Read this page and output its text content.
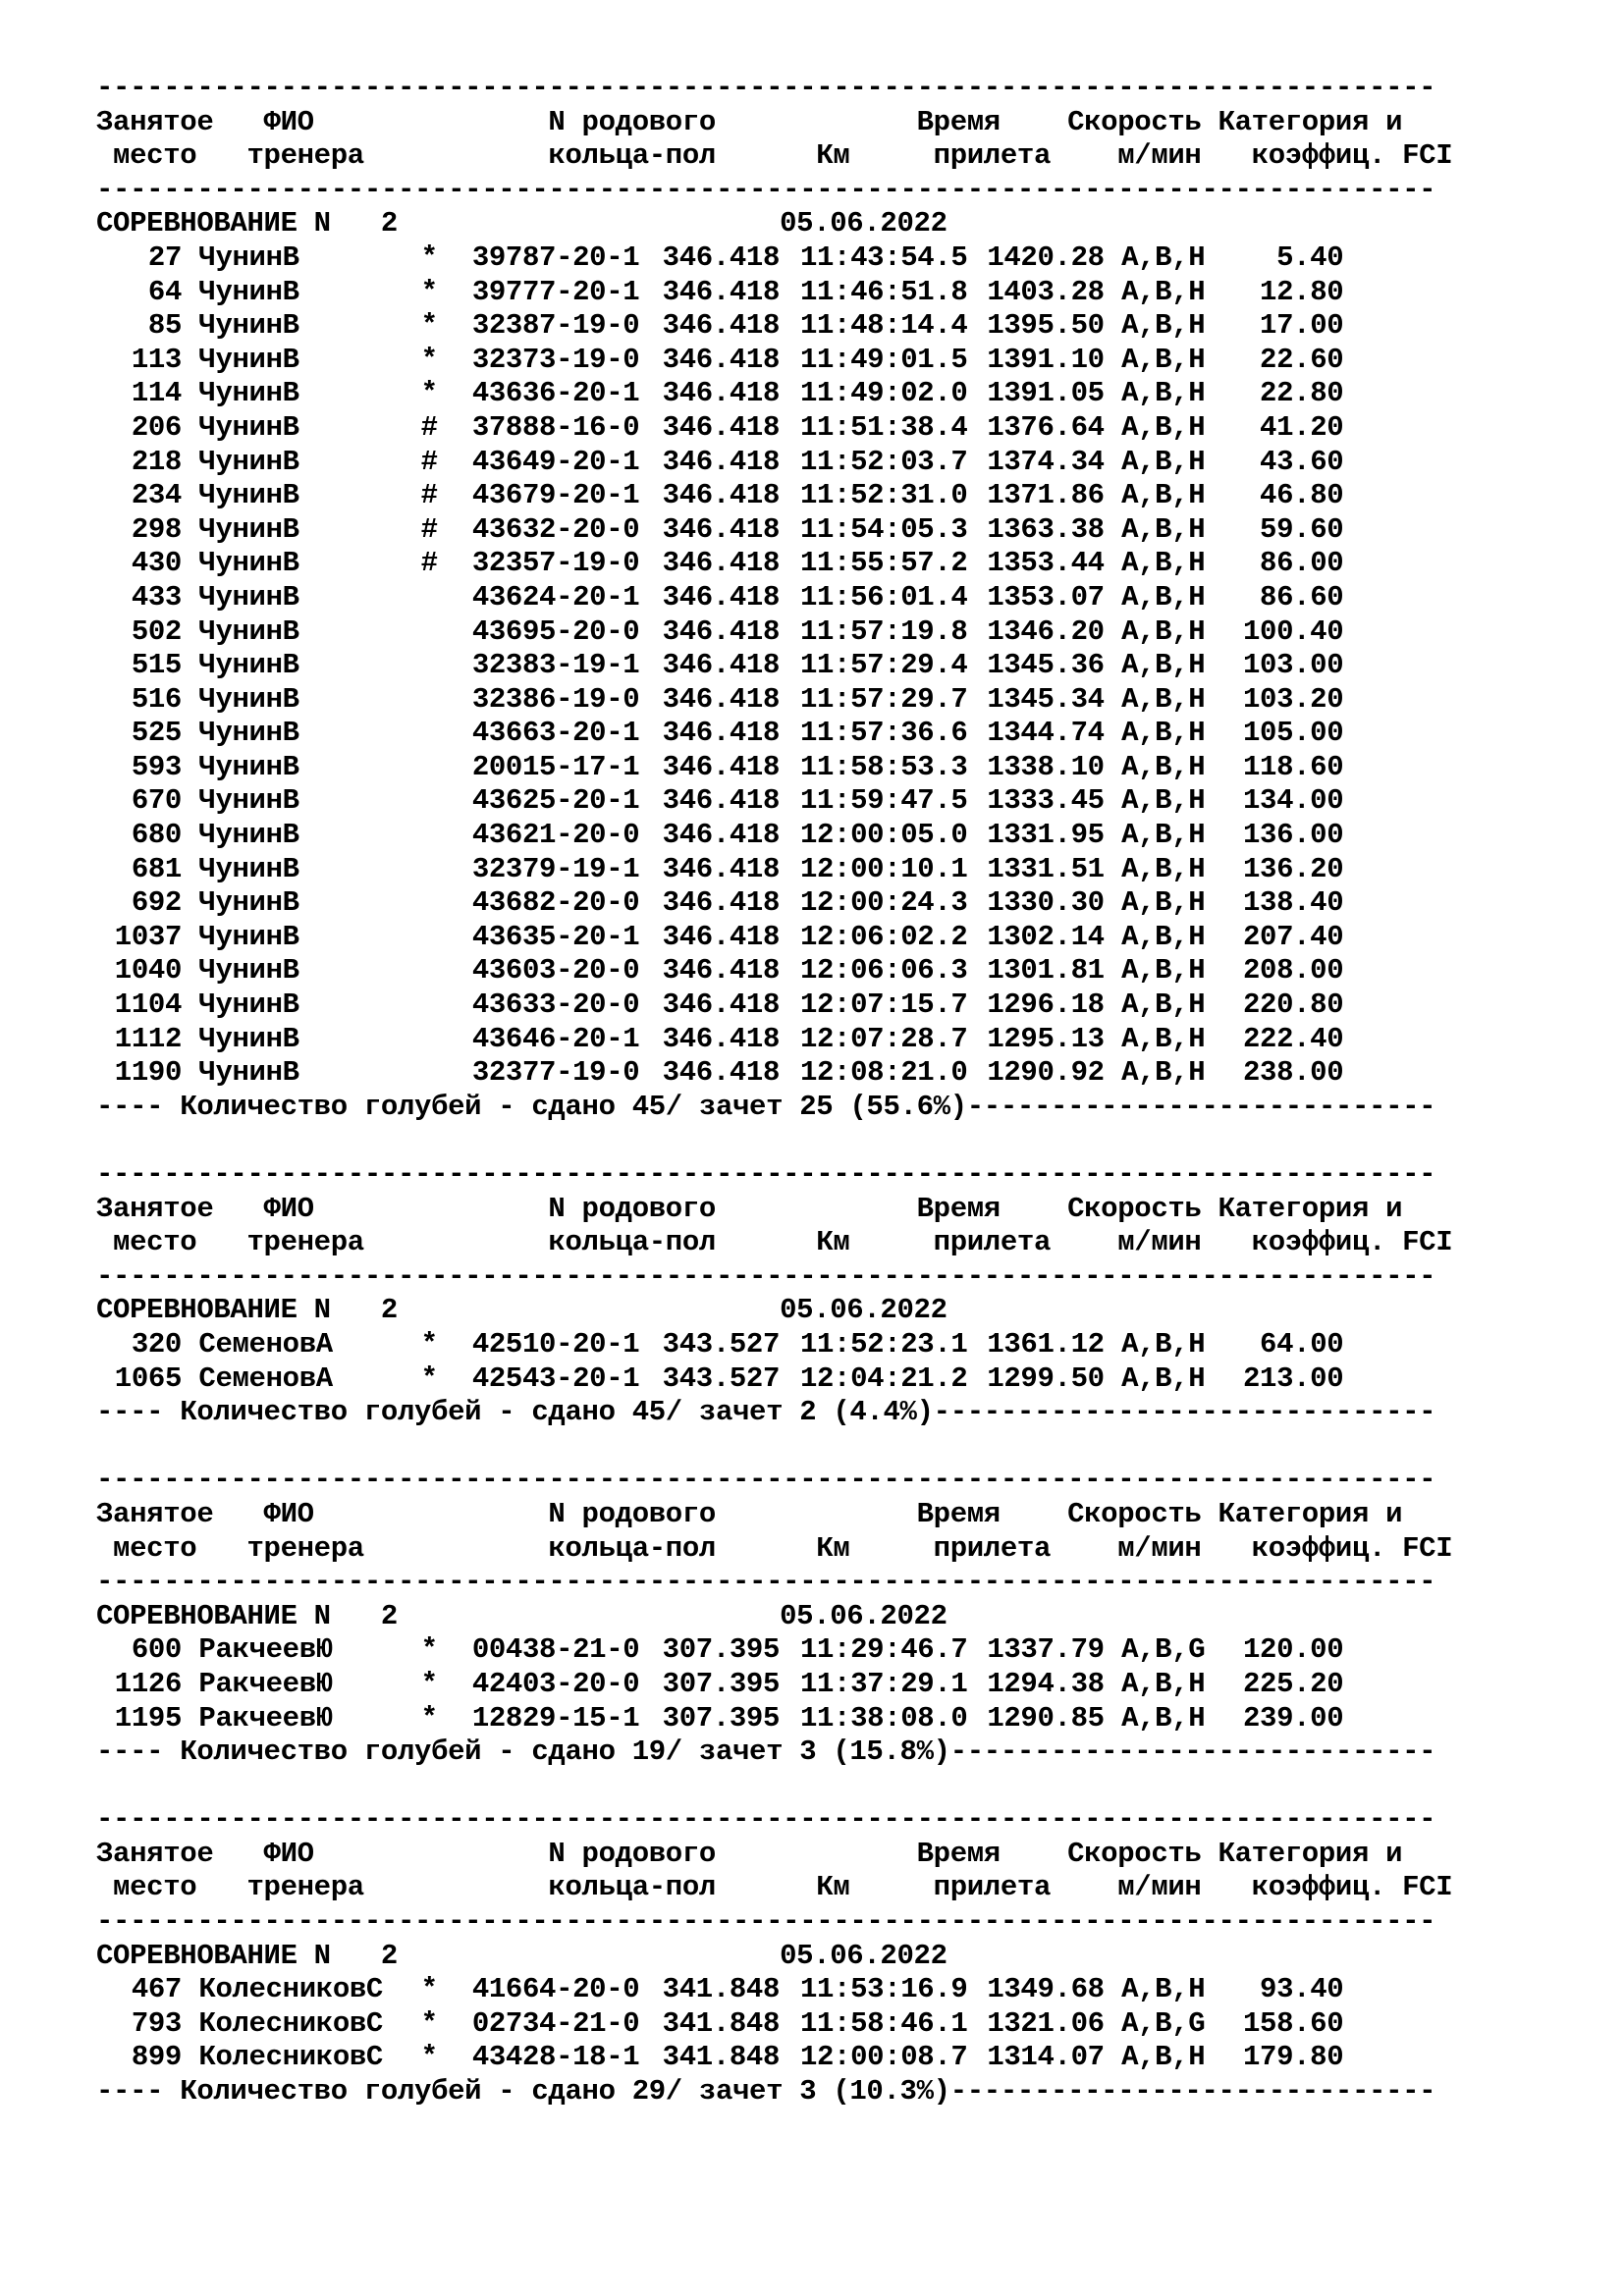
--------------------------------------------------------------------------------
Занятое   ФИО              N родового            Время    Скорость Категория и
место   тренера           кольца-пол      Км     прилета    м/мин   коэффиц. FCI
--------------------------------------------------------------------------------
СОРЕВНОВАНИЕ N   2	05.06.2022
27 ЧунинВ	* 39787-20-1 346.418 11:43:54.5 1420.28 A,B,H	5.40
64 ЧунинВ	* 39777-20-1 346.418 11:46:51.8 1403.28 A,B,H 12.80
85 ЧунинВ	* 32387-19-0 346.418 11:48:14.4 1395.50 A,B,H 17.00
113 ЧунинВ	* 32373-19-0 346.418 11:49:01.5 1391.10 A,B,H 22.60
114 ЧунинВ	* 43636-20-1 346.418 11:49:02.0 1391.05 A,B,H 22.80
206 ЧунинВ	# 37888-16-0 346.418 11:51:38.4 1376.64 A,B,H 41.20
218 ЧунинВ	# 43649-20-1 346.418 11:52:03.7 1374.34 A,B,H 43.60
234 ЧунинВ	# 43679-20-1 346.418 11:52:31.0 1371.86 A,B,H 46.80
298 ЧунинВ	# 43632-20-0 346.418 11:54:05.3 1363.38 A,B,H 59.60
430 ЧунинВ	# 32357-19-0 346.418 11:55:57.2 1353.44 A,B,H 86.00
433 ЧунинВ	43624-20-1 346.418 11:56:01.4 1353.07 A,B,H 86.60
502 ЧунинВ	43695-20-0 346.418 11:57:19.8 1346.20 A,B,H 100.40
515 ЧунинВ	32383-19-1 346.418 11:57:29.4 1345.36 A,B,H 103.00
516 ЧунинВ	32386-19-0 346.418 11:57:29.7 1345.34 A,B,H 103.20
525 ЧунинВ	43663-20-1 346.418 11:57:36.6 1344.74 A,B,H 105.00
593 ЧунинВ	20015-17-1 346.418 11:58:53.3 1338.10 A,B,H 118.60
670 ЧунинВ	43625-20-1 346.418 11:59:47.5 1333.45 A,B,H 134.00
680 ЧунинВ	43621-20-0 346.418 12:00:05.0 1331.95 A,B,H 136.00
681 ЧунинВ	32379-19-1 346.418 12:00:10.1 1331.51 A,B,H 136.20
692 ЧунинВ	43682-20-0 346.418 12:00:24.3 1330.30 A,B,H 138.40
1037 ЧунинВ	43635-20-1 346.418 12:06:02.2 1302.14 A,B,H 207.40
1040 ЧунинВ	43603-20-0 346.418 12:06:06.3 1301.81 A,B,H 208.00
1104 ЧунинВ	43633-20-0 346.418 12:07:15.7 1296.18 A,B,H 220.80
1112 ЧунинВ	43646-20-1 346.418 12:07:28.7 1295.13 A,B,H 222.40
1190 ЧунинВ	32377-19-0 346.418 12:08:21.0 1290.92 A,B,H 238.00
---- Количество голубей - сдано 45/ зачет 25 (55.6%)----------------------------
--------------------------------------------------------------------------------
Занятое   ФИО              N родового            Время    Скорость Категория и
место   тренера           кольца-пол      Км     прилета    м/мин   коэффиц. FCI
--------------------------------------------------------------------------------
СОРЕВНОВАНИЕ N   2	05.06.2022
320 СеменовА	* 42510-20-1 343.527 11:52:23.1 1361.12 A,B,H 64.00
1065 СеменовА	* 42543-20-1 343.527 12:04:21.2 1299.50 A,B,H 213.00
---- Количество голубей - сдано 45/ зачет 2 (4.4%)------------------------------
--------------------------------------------------------------------------------
Занятое   ФИО              N родового            Время    Скорость Категория и
место   тренера           кольца-пол      Км     прилета    м/мин   коэффиц. FCI
--------------------------------------------------------------------------------
СОРЕВНОВАНИЕ N   2	05.06.2022
600 РакчеевЮ	* 00438-21-0 307.395 11:29:46.7 1337.79 A,B,G 120.00
1126 РакчеевЮ	* 42403-20-0 307.395 11:37:29.1 1294.38 A,B,H 225.20
1195 РакчеевЮ	* 12829-15-1 307.395 11:38:08.0 1290.85 A,B,H 239.00
---- Количество голубей - сдано 19/ зачет 3 (15.8%)-----------------------------
--------------------------------------------------------------------------------
Занятое   ФИО              N родового            Время    Скорость Категория и
место   тренера           кольца-пол      Км     прилета    м/мин   коэффиц. FCI
--------------------------------------------------------------------------------
СОРЕВНОВАНИЕ N   2	05.06.2022
467 КолесниковС * 41664-20-0 341.848 11:53:16.9 1349.68 A,B,H 93.40
793 КолесниковС * 02734-21-0 341.848 11:58:46.1 1321.06 A,B,G 158.60
899 КолесниковС * 43428-18-1 341.848 12:00:08.7 1314.07 A,B,H 179.80
---- Количество голубей - сдано 29/ зачет 3 (10.3%)-----------------------------
